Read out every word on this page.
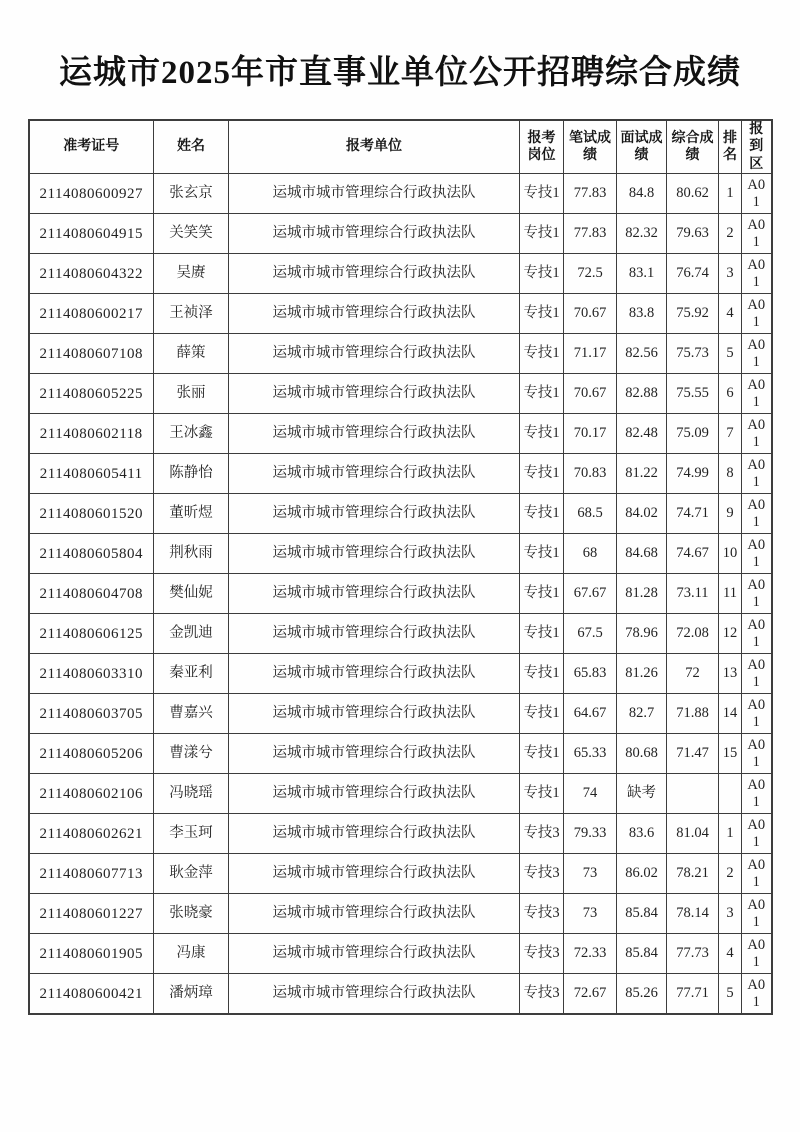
运城市2025年市直事业单位公开招聘综合成绩
准考证号	姓名	报考单位	报考岗位	笔试成绩	面试成绩	综合成绩	排名	报到区
2114080600927	张玄京	运城市城市管理综合行政执法队	专技1	77.83	84.8	80.62	1	A01
2114080604915	关笑笑	运城市城市管理综合行政执法队	专技1	77.83	82.32	79.63	2	A01
2114080604322	吴赓	运城市城市管理综合行政执法队	专技1	72.5	83.1	76.74	3	A01
2114080600217	王祯泽	运城市城市管理综合行政执法队	专技1	70.67	83.8	75.92	4	A01
2114080607108	薛策	运城市城市管理综合行政执法队	专技1	71.17	82.56	75.73	5	A01
2114080605225	张丽	运城市城市管理综合行政执法队	专技1	70.67	82.88	75.55	6	A01
2114080602118	王冰鑫	运城市城市管理综合行政执法队	专技1	70.17	82.48	75.09	7	A01
2114080605411	陈静怡	运城市城市管理综合行政执法队	专技1	70.83	81.22	74.99	8	A01
2114080601520	董昕煜	运城市城市管理综合行政执法队	专技1	68.5	84.02	74.71	9	A01
2114080605804	荆秋雨	运城市城市管理综合行政执法队	专技1	68	84.68	74.67	10	A01
2114080604708	樊仙妮	运城市城市管理综合行政执法队	专技1	67.67	81.28	73.11	11	A01
2114080606125	金凯迪	运城市城市管理综合行政执法队	专技1	67.5	78.96	72.08	12	A01
2114080603310	秦亚利	运城市城市管理综合行政执法队	专技1	65.83	81.26	72	13	A01
2114080603705	曹嘉兴	运城市城市管理综合行政执法队	专技1	64.67	82.7	71.88	14	A01
2114080605206	曹漾兮	运城市城市管理综合行政执法队	专技1	65.33	80.68	71.47	15	A01
2114080602106	冯晓瑶	运城市城市管理综合行政执法队	专技1	74	缺考			A01
2114080602621	李玉珂	运城市城市管理综合行政执法队	专技3	79.33	83.6	81.04	1	A01
2114080607713	耿金萍	运城市城市管理综合行政执法队	专技3	73	86.02	78.21	2	A01
2114080601227	张晓豪	运城市城市管理综合行政执法队	专技3	73	85.84	78.14	3	A01
2114080601905	冯康	运城市城市管理综合行政执法队	专技3	72.33	85.84	77.73	4	A01
2114080600421	潘炳璋	运城市城市管理综合行政执法队	专技3	72.67	85.26	77.71	5	A01
